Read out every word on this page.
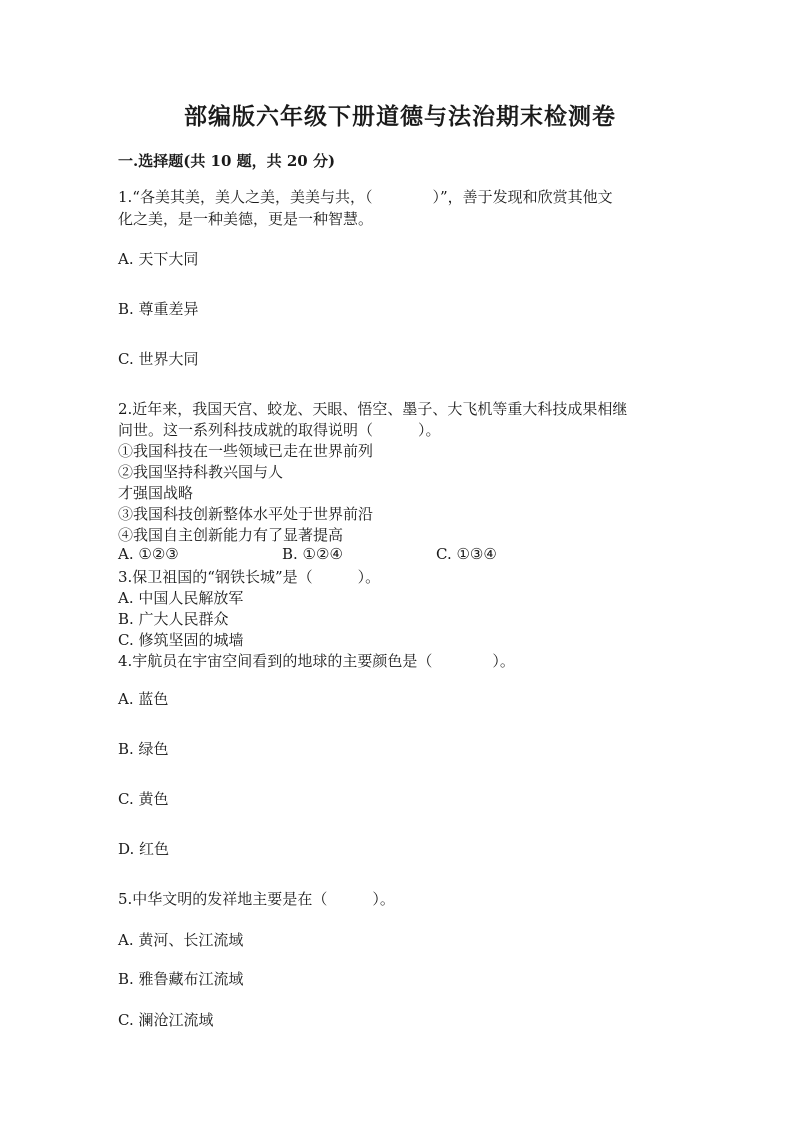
部编版六年级下册道德与法治期末检测卷
一.选择题(共 10 题，共 20 分)
1.“各美其美，美人之美，美美与共，（　　　　）”，善于发现和欣赏其他文
化之美，是一种美德，更是一种智慧。
A. 天下大同
B. 尊重差异
C. 世界大同
2.近年来，我国天宫、蛟龙、天眼、悟空、墨子、大飞机等重大科技成果相继
问世。这一系列科技成就的取得说明（　　　）。
①我国科技在一些领域已走在世界前列
②我国坚持科教兴国与人
才强国战略
③我国科技创新整体水平处于世界前沿
④我国自主创新能力有了显著提高
A. ①②③	B. ①②④	C. ①③④
3.保卫祖国的“钢铁长城”是（　　　）。
A. 中国人民解放军
B. 广大人民群众
C. 修筑坚固的城墙
4.宇航员在宇宙空间看到的地球的主要颜色是（　　　　）。
A. 蓝色
B. 绿色
C. 黄色
D. 红色
5.中华文明的发祥地主要是在（　　　）。
A. 黄河、长江流域
B. 雅鲁藏布江流域
C. 澜沧江流域
